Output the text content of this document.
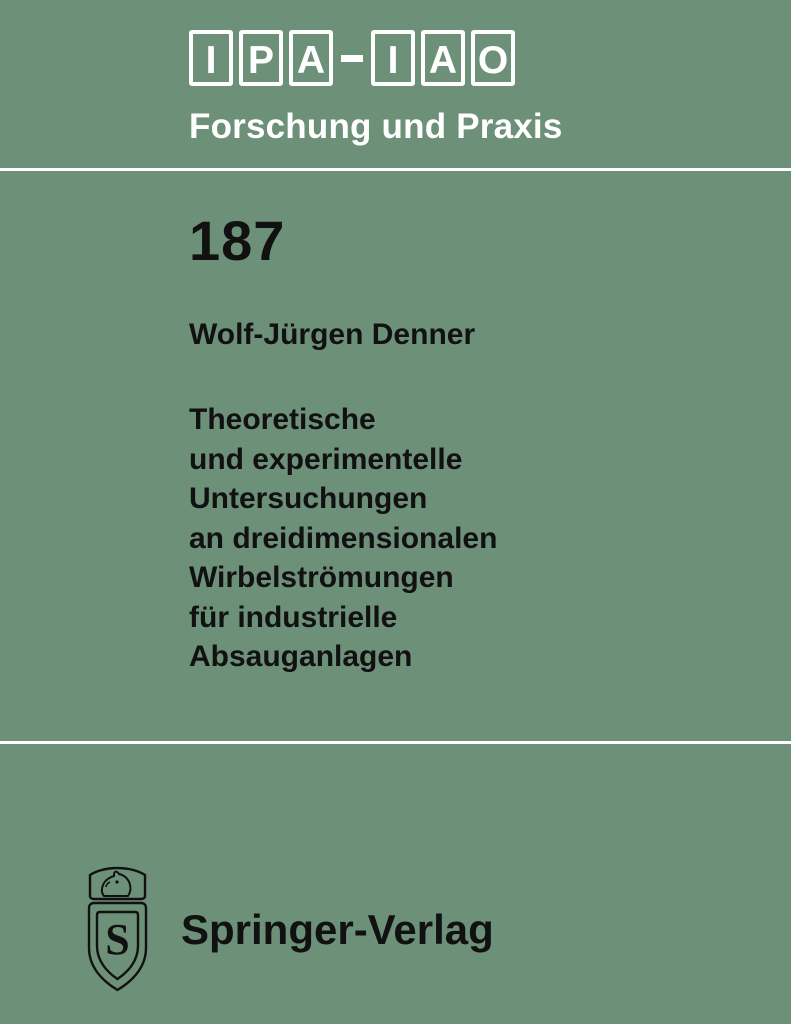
I P A	I A O
Forschung und Praxis
187
Wolf-Jürgen Denner
Theoretische
und experimentelle
Untersuchungen
an dreidimensionalen
Wirbelströmungen
für industrielle
Absauganlagen
S Springer-Verlag
